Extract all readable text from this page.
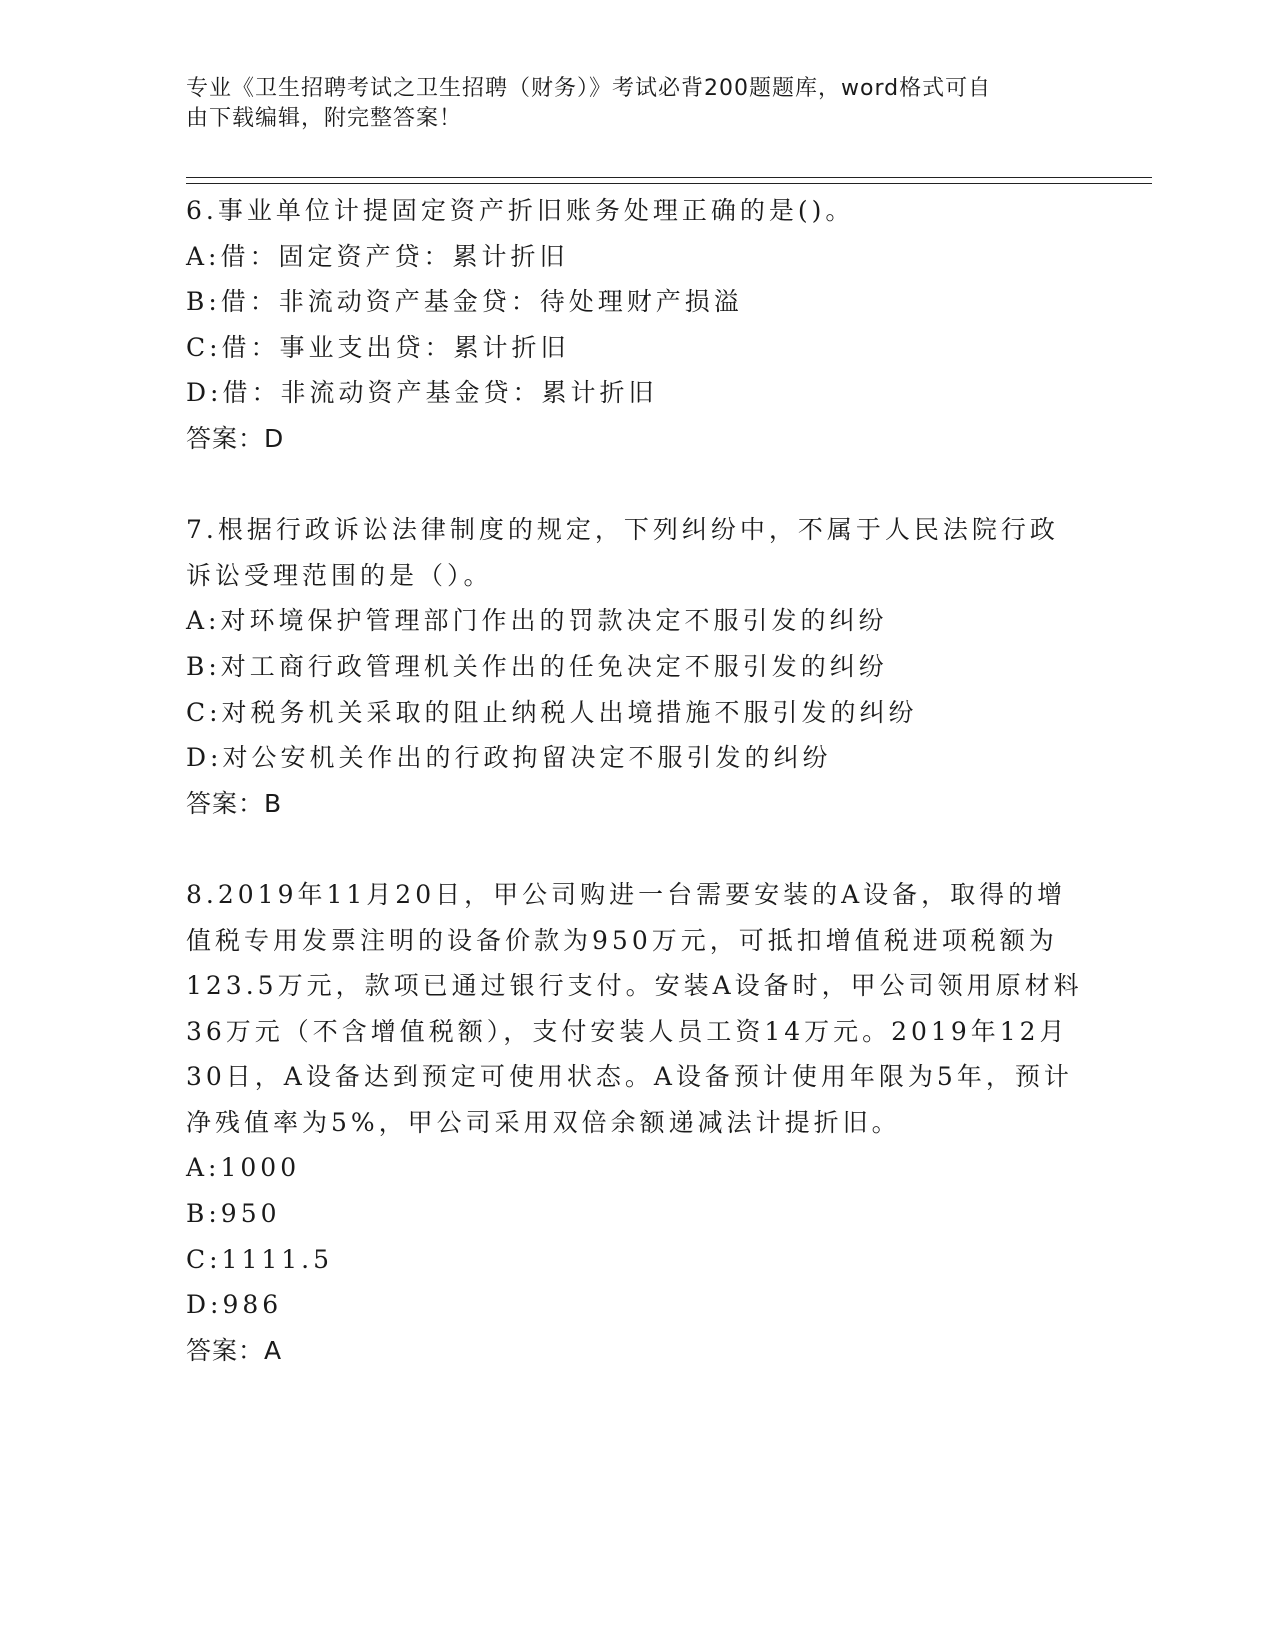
专业《卫生招聘考试之卫生招聘（财务）》考试必背200题题库，word格式可自
由下载编辑，附完整答案！
6.事业单位计提固定资产折旧账务处理正确的是()。
A:借：固定资产贷：累计折旧
B:借：非流动资产基金贷：待处理财产损溢
C:借：事业支出贷：累计折旧
D:借：非流动资产基金贷：累计折旧
答案：D
7.根据行政诉讼法律制度的规定，下列纠纷中，不属于人民法院行政
诉讼受理范围的是（）。
A:对环境保护管理部门作出的罚款决定不服引发的纠纷
B:对工商行政管理机关作出的任免决定不服引发的纠纷
C:对税务机关采取的阻止纳税人出境措施不服引发的纠纷
D:对公安机关作出的行政拘留决定不服引发的纠纷
答案：B
8.2019年11月20日，甲公司购进一台需要安装的A设备，取得的增
值税专用发票注明的设备价款为950万元，可抵扣增值税进项税额为
123.5万元，款项已通过银行支付。安装A设备时，甲公司领用原材料
36万元（不含增值税额），支付安装人员工资14万元。2019年12月
30日，A设备达到预定可使用状态。A设备预计使用年限为5年，预计
净残值率为5%，甲公司采用双倍余额递减法计提折旧。
A:1000
B:950
C:1111.5
D:986
答案：A
